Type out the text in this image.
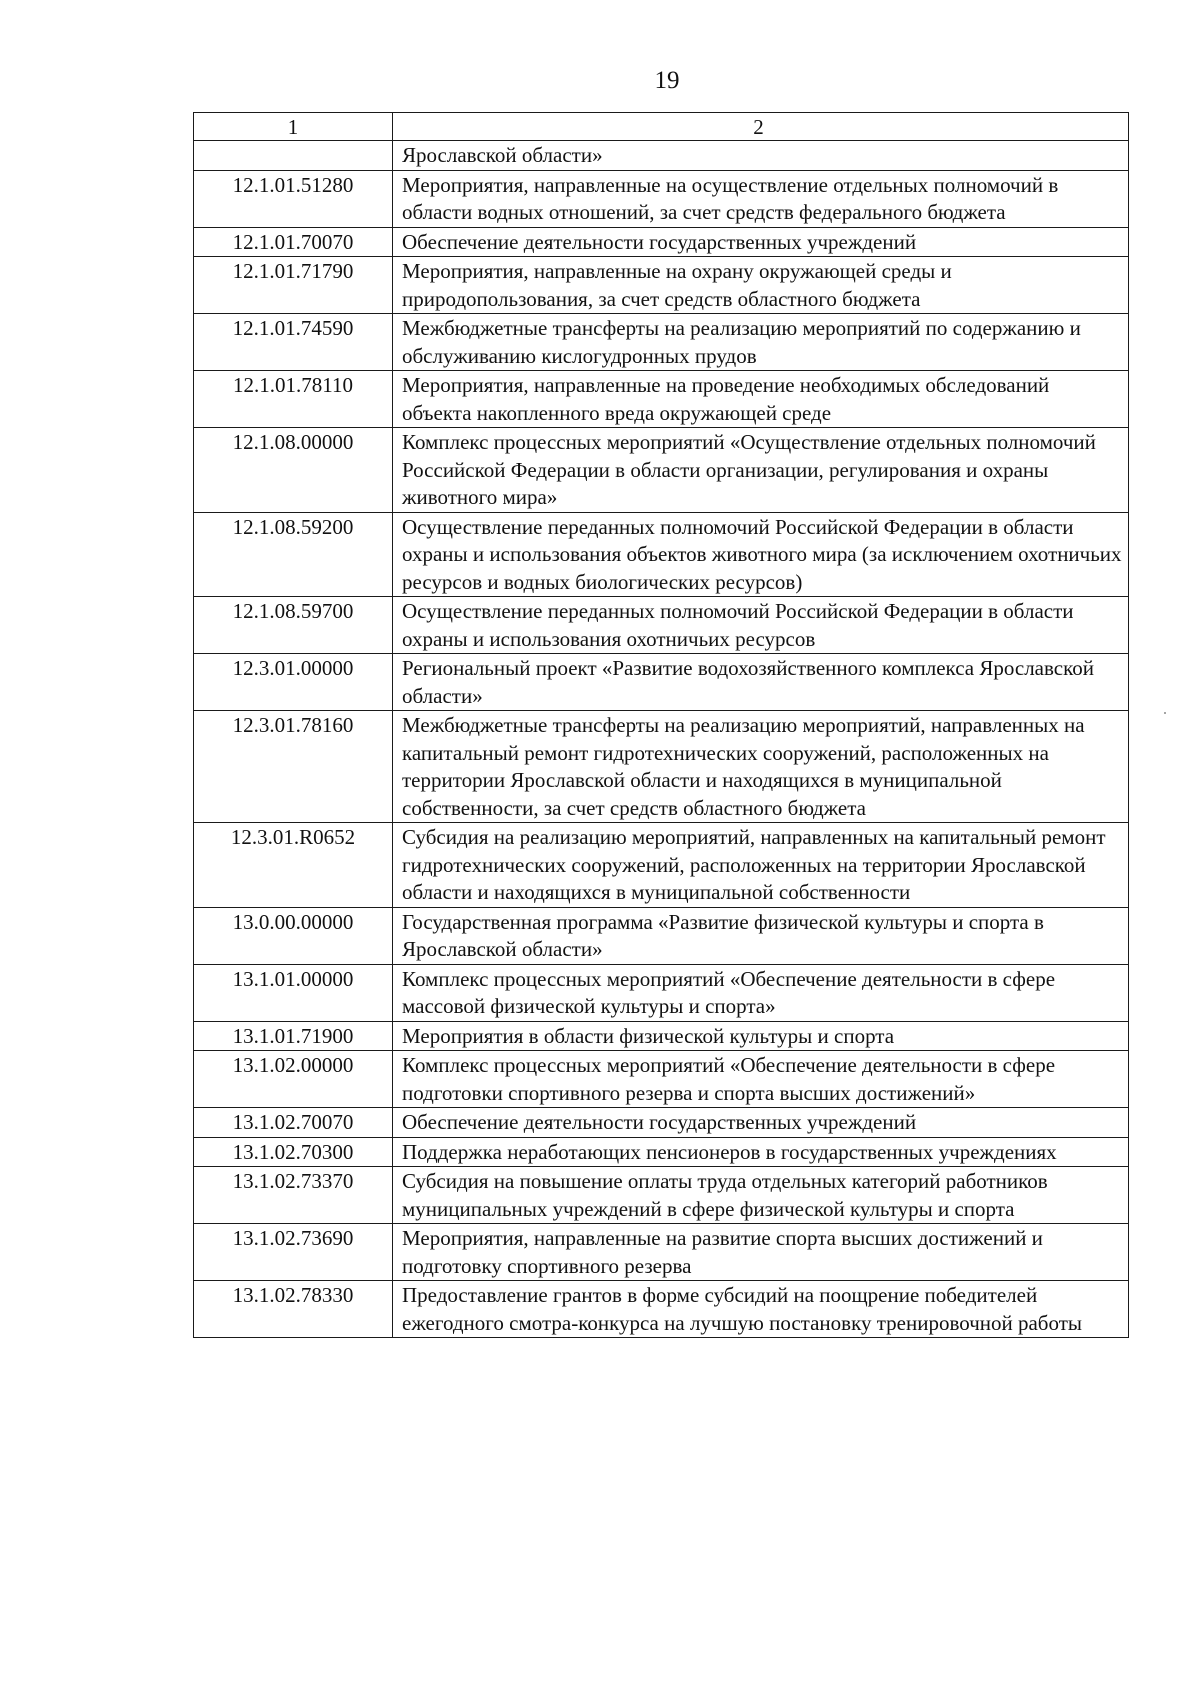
19
1	2
	Ярославской области»
12.1.01.51280	Мероприятия, направленные на осуществление отдельных полномочий в области водных отношений, за счет средств федерального бюджета
12.1.01.70070	Обеспечение деятельности государственных учреждений
12.1.01.71790	Мероприятия, направленные на охрану окружающей среды и природопользования, за счет средств областного бюджета
12.1.01.74590	Межбюджетные трансферты на реализацию мероприятий по содержанию и обслуживанию кислогудронных прудов
12.1.01.78110	Мероприятия, направленные на проведение необходимых обследований объекта накопленного вреда окружающей среде
12.1.08.00000	Комплекс процессных мероприятий «Осуществление отдельных полномочий Российской Федерации в области организации, регулирования и охраны животного мира»
12.1.08.59200	Осуществление переданных полномочий Российской Федерации в области охраны и использования объектов животного мира (за исключением охотничьих ресурсов и водных биологических ресурсов)
12.1.08.59700	Осуществление переданных полномочий Российской Федерации в области охраны и использования охотничьих ресурсов
12.3.01.00000	Региональный проект «Развитие водохозяйственного комплекса Ярославской области»
12.3.01.78160	Межбюджетные трансферты на реализацию мероприятий, направленных на капитальный ремонт гидротехнических сооружений, расположенных на территории Ярославской области и находящихся в муниципальной собственности, за счет средств областного бюджета
12.3.01.R0652	Субсидия на реализацию мероприятий, направленных на капитальный ремонт гидротехнических сооружений, расположенных на территории Ярославской области и находящихся в муниципальной собственности
13.0.00.00000	Государственная программа «Развитие физической культуры и спорта в Ярославской области»
13.1.01.00000	Комплекс процессных мероприятий «Обеспечение деятельности в сфере массовой физической культуры и спорта»
13.1.01.71900	Мероприятия в области физической культуры и спорта
13.1.02.00000	Комплекс процессных мероприятий «Обеспечение деятельности в сфере подготовки спортивного резерва и спорта высших достижений»
13.1.02.70070	Обеспечение деятельности государственных учреждений
13.1.02.70300	Поддержка неработающих пенсионеров в государственных учреждениях
13.1.02.73370	Субсидия на повышение оплаты труда отдельных категорий работников муниципальных учреждений в сфере физической культуры и спорта
13.1.02.73690	Мероприятия, направленные на развитие спорта высших достижений и подготовку спортивного резерва
13.1.02.78330	Предоставление грантов в форме субсидий на поощрение победителей ежегодного смотра-конкурса на лучшую постановку тренировочной работы
